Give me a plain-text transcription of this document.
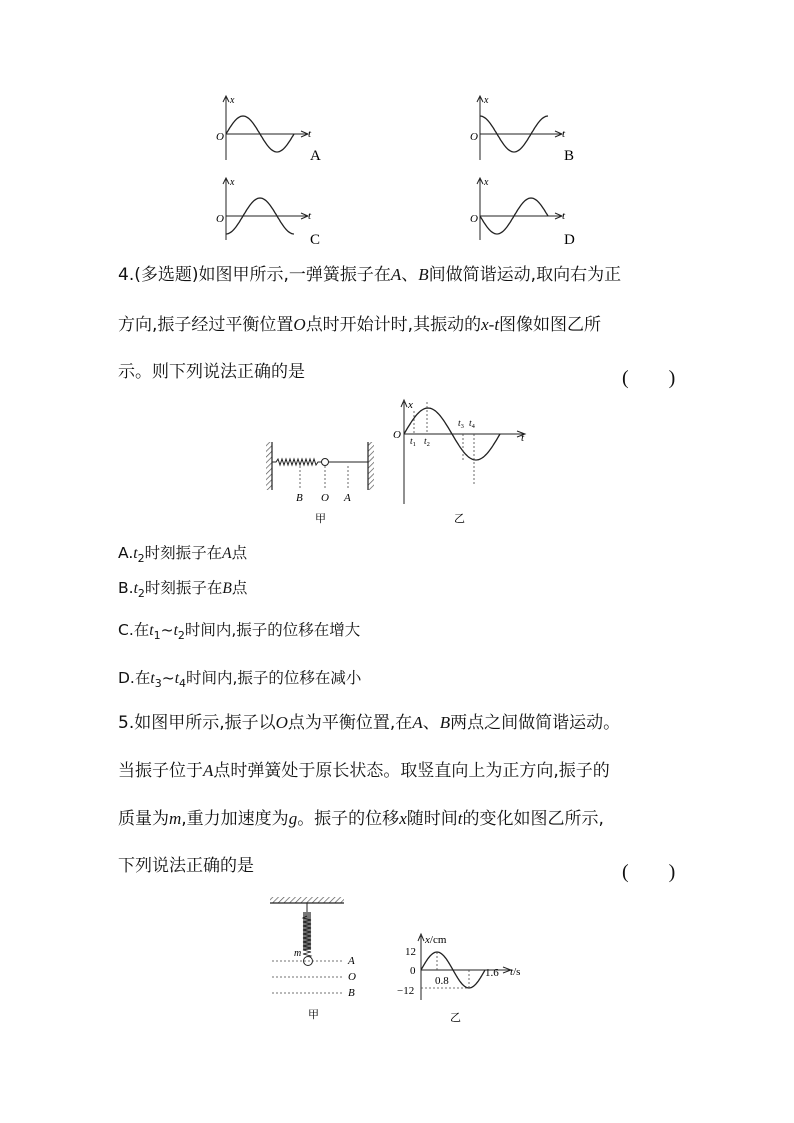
x
t
O
A
x
t
O
B
x
t
O
C
x
t
O
D
4.(多选题)如图甲所示,一弹簧振子在A、B间做简谐运动,取向右为正
方向,振子经过平衡位置O点时开始计时,其振动的x-t图像如图乙所
示。则下列说法正确的是	(　　)
B O A
甲
x
t
O
$t_1$ $t_2$
$t_3$ $t_4$
乙
$A.t_2$时刻振子在A点
$B.t_2$时刻振子在B点
C.在$t_1\sim t_2$时间内,振子的位移在增大
D.在$t_3\sim t_4$时间内,振子的位移在减小
5.如图甲所示,振子以O点为平衡位置,在A、B两点之间做简谐运动。
当振子位于A点时弹簧处于原长状态。取竖直向上为正方向,振子的
质量为m,重力加速度为g。振子的位移x随时间t的变化如图乙所示,
下列说法正确的是	(　　)
m
A
O
B
甲
x/cm
t/s
12
0
−12
0.8
1.6
乙
